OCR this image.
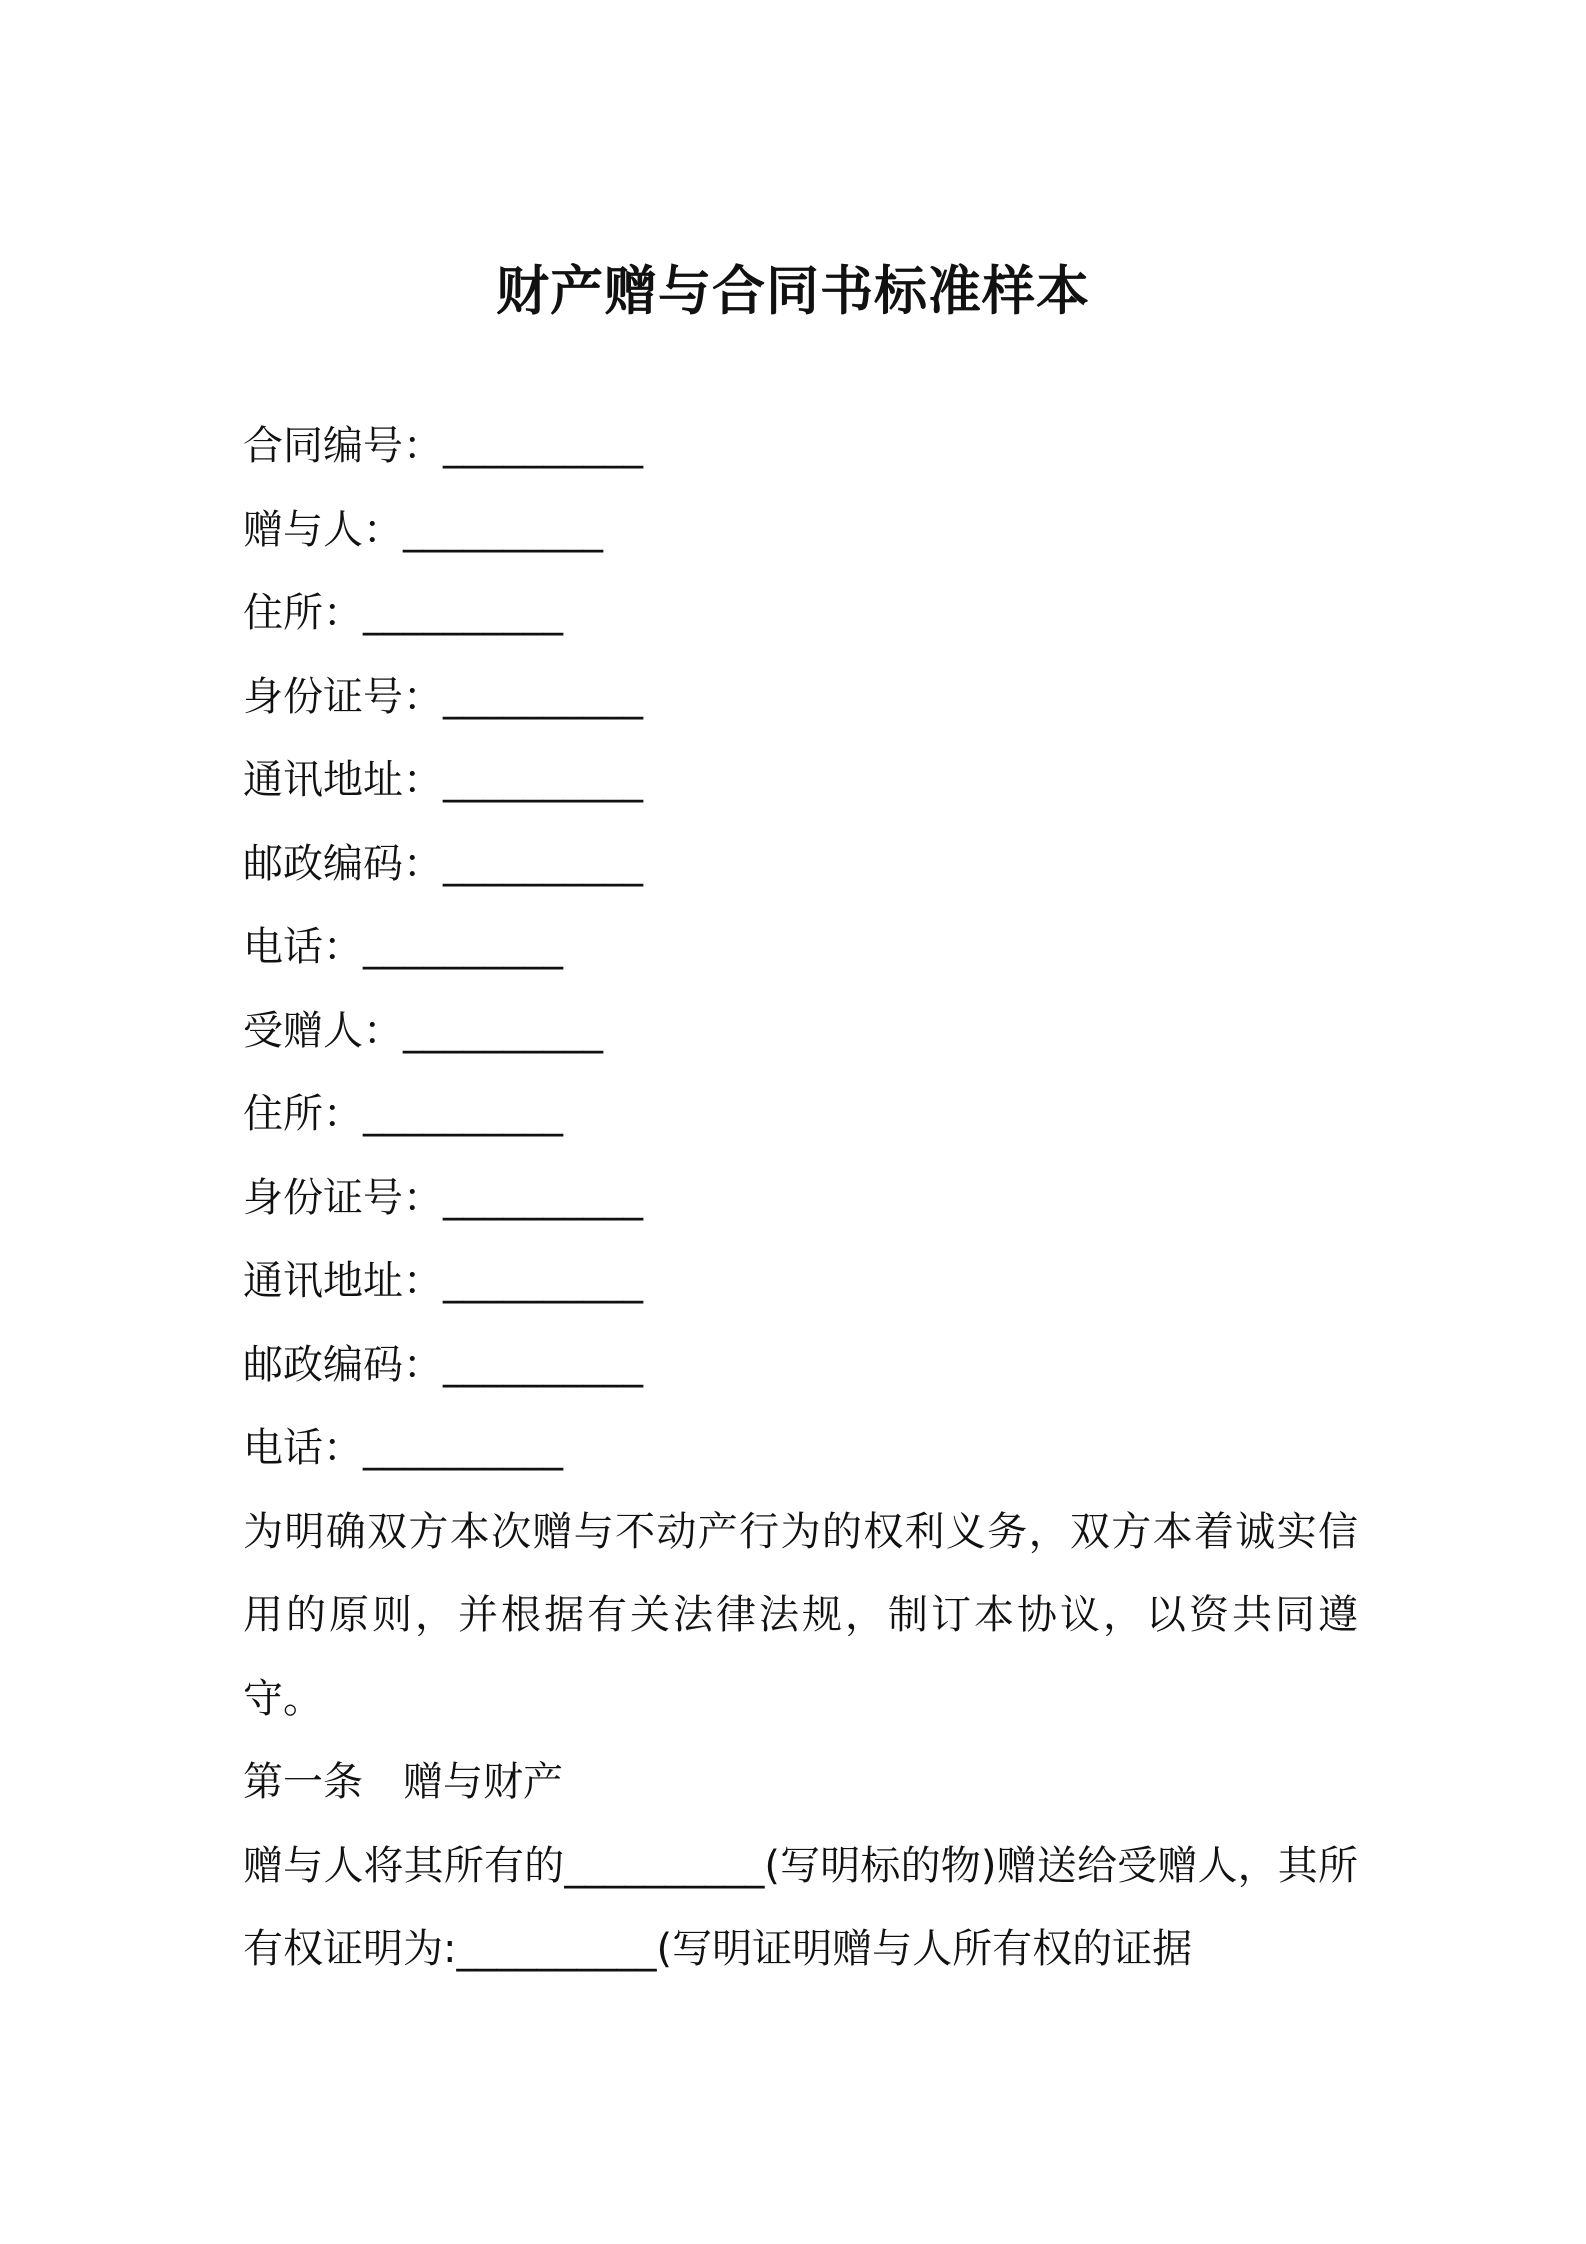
财产赠与合同书标准样本
合同编号：__________
赠与人：__________
住所：__________
身份证号：__________
通讯地址：__________
邮政编码：__________
电话：__________
受赠人：__________
住所：__________
身份证号：__________
通讯地址：__________
邮政编码：__________
电话：__________

为明确双方本次赠与不动产行为的权利义务，双方本着诚实信用的原则，并根据有关法律法规，制订本协议，以资共同遵守。

第一条　赠与财产

赠与人将其所有的__________(写明标的物)赠送给受赠人，其所有权证明为:__________(写明证明赠与人所有权的证据
